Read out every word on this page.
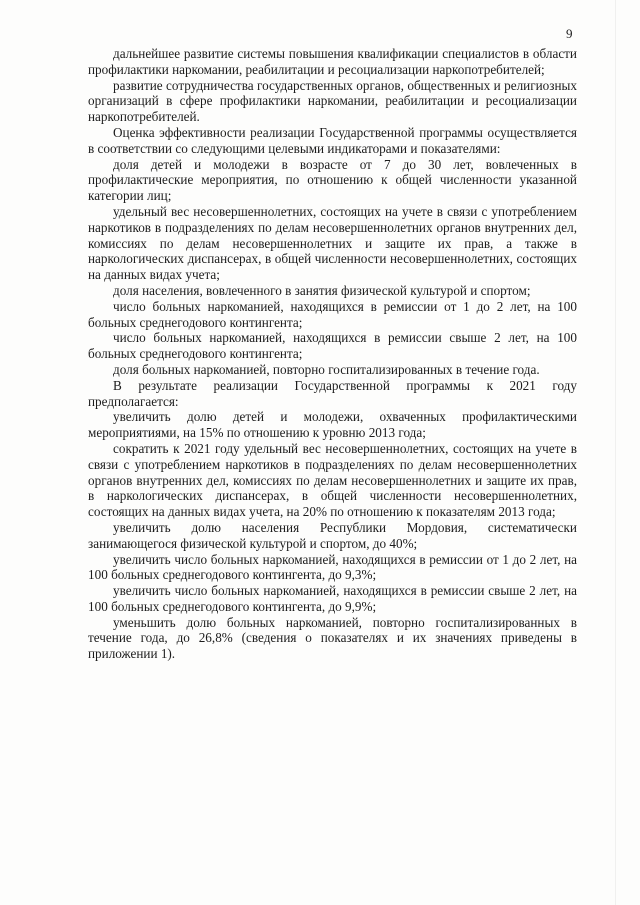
9

дальнейшее развитие системы повышения квалификации специалистов в области профилактики наркомании, реабилитации и ресоциализации наркопотребителей;

развитие сотрудничества государственных органов, общественных и религиозных организаций в сфере профилактики наркомании, реабилитации и ресоциализации наркопотребителей.

Оценка эффективности реализации Государственной программы осуществляется в соответствии со следующими целевыми индикаторами и показателями:

доля детей и молодежи в возрасте от 7 до 30 лет, вовлеченных в профилактические мероприятия, по отношению к общей численности указанной категории лиц;

удельный вес несовершеннолетних, состоящих на учете в связи с употреблением наркотиков в подразделениях по делам несовершеннолетних органов внутренних дел, комиссиях по делам несовершеннолетних и защите их прав, а также в наркологических диспансерах, в общей численности несовершеннолетних, состоящих на данных видах учета;

доля населения, вовлеченного в занятия физической культурой и спортом;

число больных наркоманией, находящихся в ремиссии от 1 до 2 лет, на 100 больных среднегодового контингента;

число больных наркоманией, находящихся в ремиссии свыше 2 лет, на 100 больных среднегодового контингента;

доля больных наркоманией, повторно госпитализированных в течение года.

В результате реализации Государственной программы к 2021 году предполагается:

увеличить долю детей и молодежи, охваченных профилактическими мероприятиями, на 15% по отношению к уровню 2013 года;

сократить к 2021 году удельный вес несовершеннолетних, состоящих на учете в связи с употреблением наркотиков в подразделениях по делам несовершеннолетних органов внутренних дел, комиссиях по делам несовершеннолетних и защите их прав, в наркологических диспансерах, в общей численности несовершеннолетних, состоящих на данных видах учета, на 20% по отношению к показателям 2013 года;

увеличить долю населения Республики Мордовия, систематически занимающегося физической культурой и спортом, до 40%;

увеличить число больных наркоманией, находящихся в ремиссии от 1 до 2 лет, на 100 больных среднегодового контингента, до 9,3%;

увеличить число больных наркоманией, находящихся в ремиссии свыше 2 лет, на 100 больных среднегодового контингента, до 9,9%;

уменьшить долю больных наркоманией, повторно госпитализированных в течение года, до 26,8% (сведения о показателях и их значениях приведены в приложении 1).
